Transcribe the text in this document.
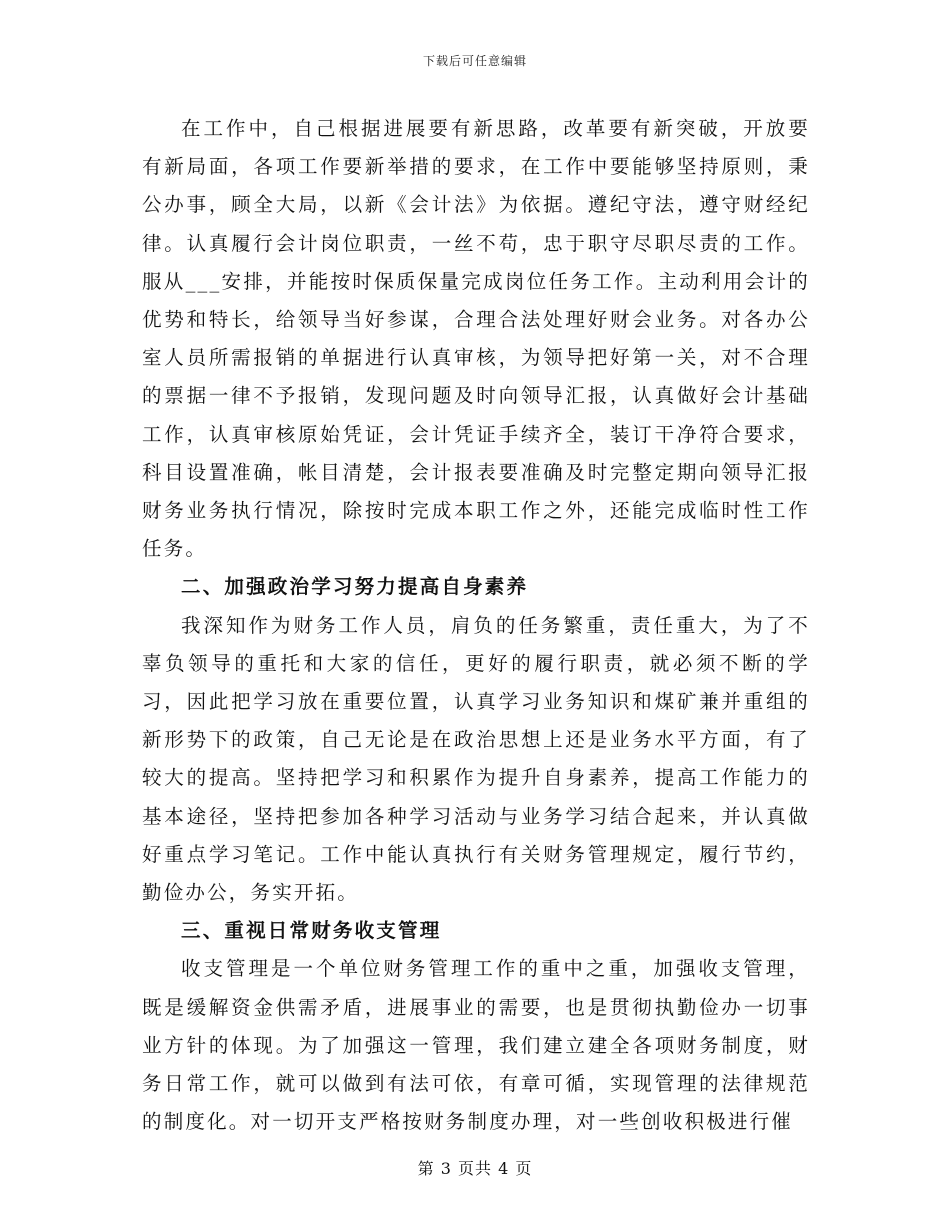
下载后可任意编辑

在工作中，自己根据进展要有新思路，改革要有新突破，开放要有新局面，各项工作要新举措的要求，在工作中要能够坚持原则，秉公办事，顾全大局，以新《会计法》为依据。遵纪守法，遵守财经纪律。认真履行会计岗位职责，一丝不苟，忠于职守尽职尽责的工作。服从___安排，并能按时保质保量完成岗位任务工作。主动利用会计的优势和特长，给领导当好参谋，合理合法处理好财会业务。对各办公室人员所需报销的单据进行认真审核，为领导把好第一关，对不合理的票据一律不予报销，发现问题及时向领导汇报，认真做好会计基础工作，认真审核原始凭证，会计凭证手续齐全，装订干净符合要求，科目设置准确，帐目清楚，会计报表要准确及时完整定期向领导汇报财务业务执行情况，除按时完成本职工作之外，还能完成临时性工作任务。

二、加强政治学习努力提高自身素养

我深知作为财务工作人员，肩负的任务繁重，责任重大，为了不辜负领导的重托和大家的信任，更好的履行职责，就必须不断的学习，因此把学习放在重要位置，认真学习业务知识和煤矿兼并重组的新形势下的政策，自己无论是在政治思想上还是业务水平方面，有了较大的提高。坚持把学习和积累作为提升自身素养，提高工作能力的基本途径，坚持把参加各种学习活动与业务学习结合起来，并认真做好重点学习笔记。工作中能认真执行有关财务管理规定，履行节约，勤俭办公，务实开拓。

三、重视日常财务收支管理

收支管理是一个单位财务管理工作的重中之重，加强收支管理，既是缓解资金供需矛盾，进展事业的需要，也是贯彻执勤俭办一切事业方针的体现。为了加强这一管理，我们建立建全各项财务制度，财务日常工作，就可以做到有法可依，有章可循，实现管理的法律规范的制度化。对一切开支严格按财务制度办理，对一些创收积极进行催

第 3 页共 4 页
